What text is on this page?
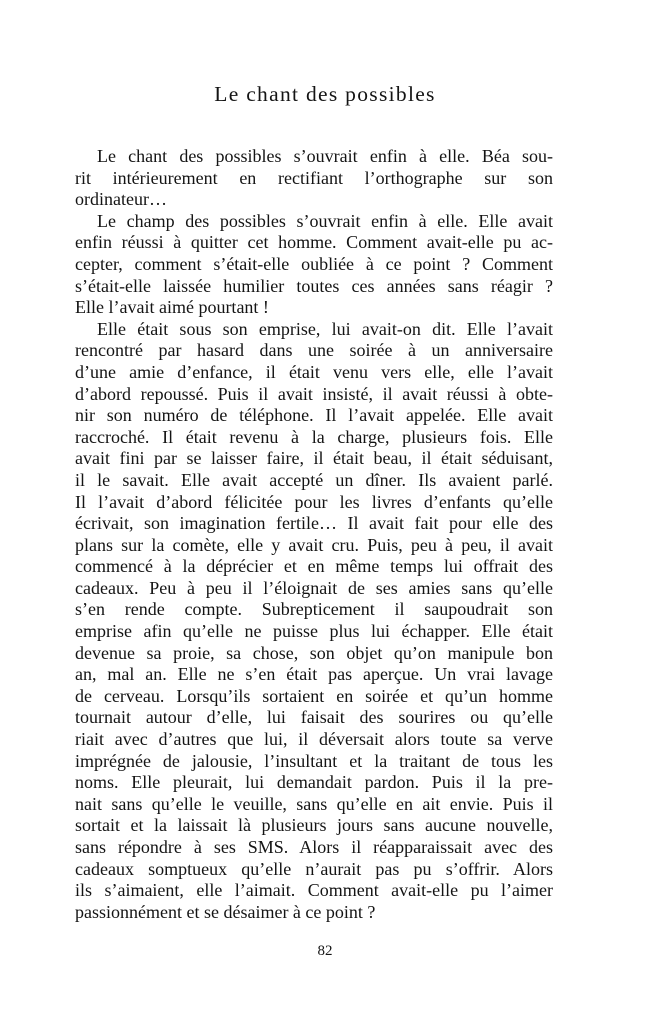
Le chant des possibles
Le chant des possibles s’ouvrait enfin à elle. Béa sou-
rit intérieurement en rectifiant l’orthographe sur son
ordinateur…
Le champ des possibles s’ouvrait enfin à elle. Elle avait
enfin réussi à quitter cet homme. Comment avait-elle pu ac-
cepter, comment s’était-elle oubliée à ce point ? Comment
s’était-elle laissée humilier toutes ces années sans réagir ?
Elle l’avait aimé pourtant !
Elle était sous son emprise, lui avait-on dit. Elle l’avait
rencontré par hasard dans une soirée à un anniversaire
d’une amie d’enfance, il était venu vers elle, elle l’avait
d’abord repoussé. Puis il avait insisté, il avait réussi à obte-
nir son numéro de téléphone. Il l’avait appelée. Elle avait
raccroché. Il était revenu à la charge, plusieurs fois. Elle
avait fini par se laisser faire, il était beau, il était séduisant,
il le savait. Elle avait accepté un dîner. Ils avaient parlé.
Il l’avait d’abord félicitée pour les livres d’enfants qu’elle
écrivait, son imagination fertile… Il avait fait pour elle des
plans sur la comète, elle y avait cru. Puis, peu à peu, il avait
commencé à la déprécier et en même temps lui offrait des
cadeaux. Peu à peu il l’éloignait de ses amies sans qu’elle
s’en rende compte. Subrepticement il saupoudrait son
emprise afin qu’elle ne puisse plus lui échapper. Elle était
devenue sa proie, sa chose, son objet qu’on manipule bon
an, mal an. Elle ne s’en était pas aperçue. Un vrai lavage
de cerveau. Lorsqu’ils sortaient en soirée et qu’un homme
tournait autour d’elle, lui faisait des sourires ou qu’elle
riait avec d’autres que lui, il déversait alors toute sa verve
imprégnée de jalousie, l’insultant et la traitant de tous les
noms. Elle pleurait, lui demandait pardon. Puis il la pre-
nait sans qu’elle le veuille, sans qu’elle en ait envie. Puis il
sortait et la laissait là plusieurs jours sans aucune nouvelle,
sans répondre à ses SMS. Alors il réapparaissait avec des
cadeaux somptueux qu’elle n’aurait pas pu s’offrir. Alors
ils s’aimaient, elle l’aimait. Comment avait-elle pu l’aimer
passionnément et se désaimer à ce point ?
82
